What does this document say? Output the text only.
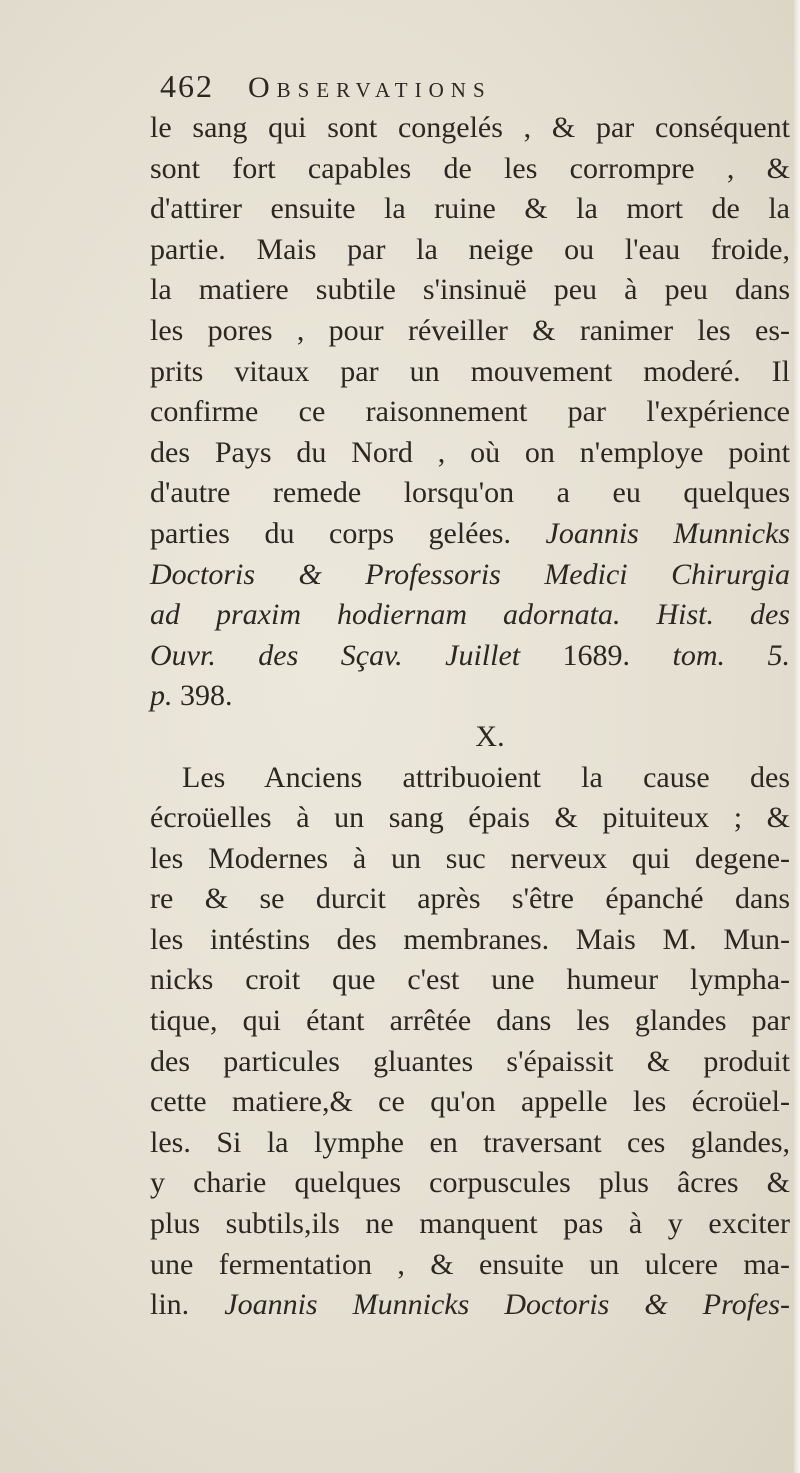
462 Observations
le sang qui sont congelés , & par conséquent
sont fort capables de les corrompre , &
d'attirer ensuite la ruine & la mort de la
partie. Mais par la neige ou l'eau froide,
la matiere subtile s'insinuë peu à peu dans
les pores , pour réveiller & ranimer les es-
prits vitaux par un mouvement moderé. Il
confirme ce raisonnement par l'expérience
des Pays du Nord , où on n'employe point
d'autre remede lorsqu'on a eu quelques
parties du corps gelées. Joannis Munnicks
Doctoris & Professoris Medici Chirurgia
ad praxim hodiernam adornata. Hist. des
Ouvr. des Sçav. Juillet 1689. tom. 5.
p. 398.
X.
Les Anciens attribuoient la cause des
écroüelles à un sang épais & pituiteux ; &
les Modernes à un suc nerveux qui degene-
re & se durcit après s'être épanché dans
les intéstins des membranes. Mais M. Mun-
nicks croit que c'est une humeur lympha-
tique, qui étant arrêtée dans les glandes par
des particules gluantes s'épaissit & produit
cette matiere,& ce qu'on appelle les écroüel-
les. Si la lymphe en traversant ces glandes,
y charie quelques corpuscules plus âcres &
plus subtils,ils ne manquent pas à y exciter
une fermentation , & ensuite un ulcere ma-
lin. Joannis Munnicks Doctoris & Profes-
